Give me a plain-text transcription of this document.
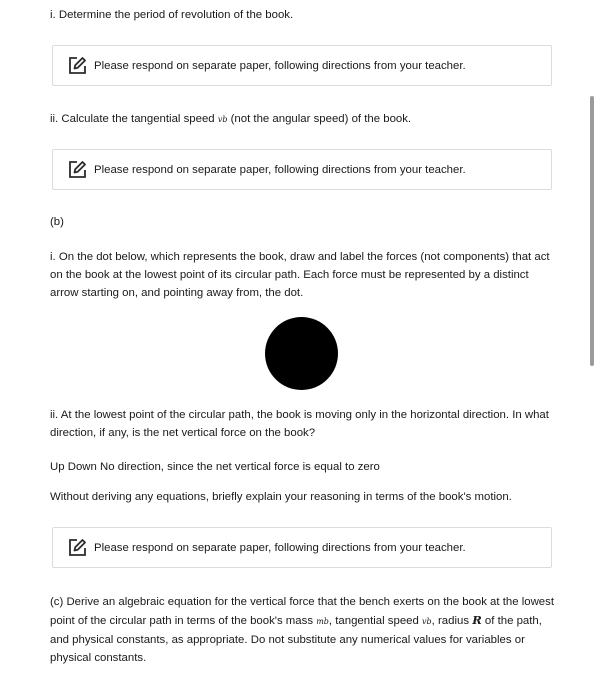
i. Determine the period of revolution of the book.

Please respond on separate paper, following directions from your teacher.

ii. Calculate the tangential speed vb (not the angular speed) of the book.

Please respond on separate paper, following directions from your teacher.

(b)

i. On the dot below, which represents the book, draw and label the forces (not components) that act on the book at the lowest point of its circular path. Each force must be represented by a distinct arrow starting on, and pointing away from, the dot.

ii. At the lowest point of the circular path, the book is moving only in the horizontal direction. In what direction, if any, is the net vertical force on the book?

Up Down No direction, since the net vertical force is equal to zero

Without deriving any equations, briefly explain your reasoning in terms of the book's motion.

Please respond on separate paper, following directions from your teacher.

(c) Derive an algebraic equation for the vertical force that the bench exerts on the book at the lowest point of the circular path in terms of the book's mass mb, tangential speed vb, radius R of the path, and physical constants, as appropriate. Do not substitute any numerical values for variables or physical constants.
